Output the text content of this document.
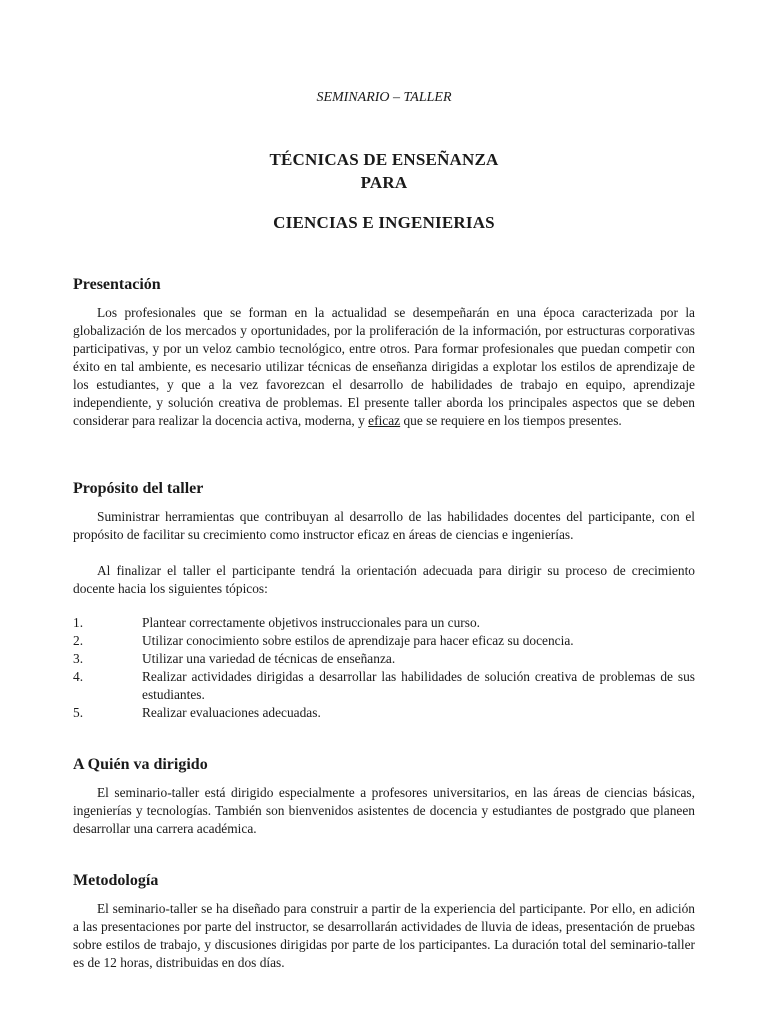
SEMINARIO – TALLER
TÉCNICAS DE ENSEÑANZA
PARA
CIENCIAS E INGENIERIAS
Presentación
Los profesionales que se forman en la actualidad se desempeñarán en una época caracterizada por la globalización de los mercados y oportunidades, por la proliferación de la información, por estructuras corporativas participativas, y por un veloz cambio tecnológico, entre otros. Para formar profesionales que puedan competir con éxito en tal ambiente, es necesario utilizar técnicas de enseñanza dirigidas a explotar los estilos de aprendizaje de los estudiantes, y que a la vez favorezcan el desarrollo de habilidades de trabajo en equipo, aprendizaje independiente, y solución creativa de problemas. El presente taller aborda los principales aspectos que se deben considerar para realizar la docencia activa, moderna, y eficaz que se requiere en los tiempos presentes.
Propósito del taller
Suministrar herramientas que contribuyan al desarrollo de las habilidades docentes del participante, con el propósito de facilitar su crecimiento como instructor eficaz en áreas de ciencias e ingenierías.
Al finalizar el taller el participante tendrá la orientación adecuada para dirigir su proceso de crecimiento docente hacia los siguientes tópicos:
1.	Plantear correctamente objetivos instruccionales para un curso.
2.	Utilizar conocimiento sobre estilos de aprendizaje para hacer eficaz su docencia.
3.	Utilizar una variedad de técnicas de enseñanza.
4.	Realizar actividades dirigidas a desarrollar las habilidades de solución creativa de problemas de sus estudiantes.
5.	Realizar evaluaciones adecuadas.
A Quién va dirigido
El seminario-taller está dirigido especialmente a profesores universitarios, en las áreas de ciencias básicas, ingenierías y tecnologías. También son bienvenidos asistentes de docencia y estudiantes de postgrado que planeen desarrollar una carrera académica.
Metodología
El seminario-taller se ha diseñado para construir a partir de la experiencia del participante. Por ello, en adición a las presentaciones por parte del instructor, se desarrollarán actividades de lluvia de ideas, presentación de pruebas sobre estilos de trabajo, y discusiones dirigidas por parte de los participantes. La duración total del seminario-taller es de 12 horas, distribuidas en dos días.
